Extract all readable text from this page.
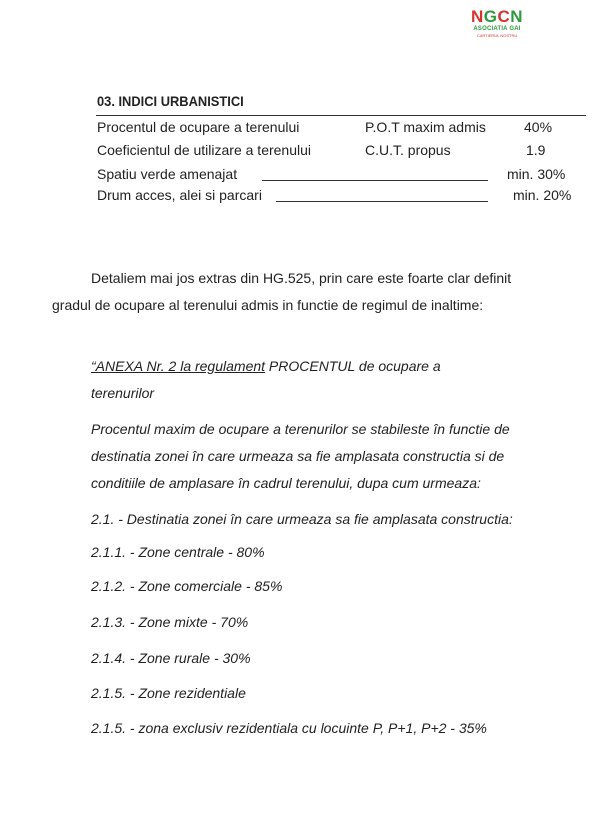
NGCN
ASOCIATIA GAI
CARTIERUL NOSTRU
03. INDICI URBANISTICI
Procentul de ocupare a terenului	P.O.T maxim admis	40%
Coeficientul de utilizare a terenului	C.U.T. propus	1.9
Spatiu verde amenajat	min. 30%
Drum acces, alei si parcari	min. 20%
Detaliem mai jos extras din HG.525, prin care este foarte clar definit
gradul de ocupare al terenului admis in functie de regimul de inaltime:
“ANEXA Nr. 2 la regulament PROCENTUL de ocupare a
terenurilor
Procentul maxim de ocupare a terenurilor se stabileste în functie de
destinatia zonei în care urmeaza sa fie amplasata constructia si de
conditiile de amplasare în cadrul terenului, dupa cum urmeaza:
2.1. - Destinatia zonei în care urmeaza sa fie amplasata constructia:
2.1.1. - Zone centrale - 80%
2.1.2. - Zone comerciale - 85%
2.1.3. - Zone mixte - 70%
2.1.4. - Zone rurale - 30%
2.1.5. - Zone rezidentiale
2.1.5. - zona exclusiv rezidentiala cu locuinte P, P+1, P+2 - 35%
